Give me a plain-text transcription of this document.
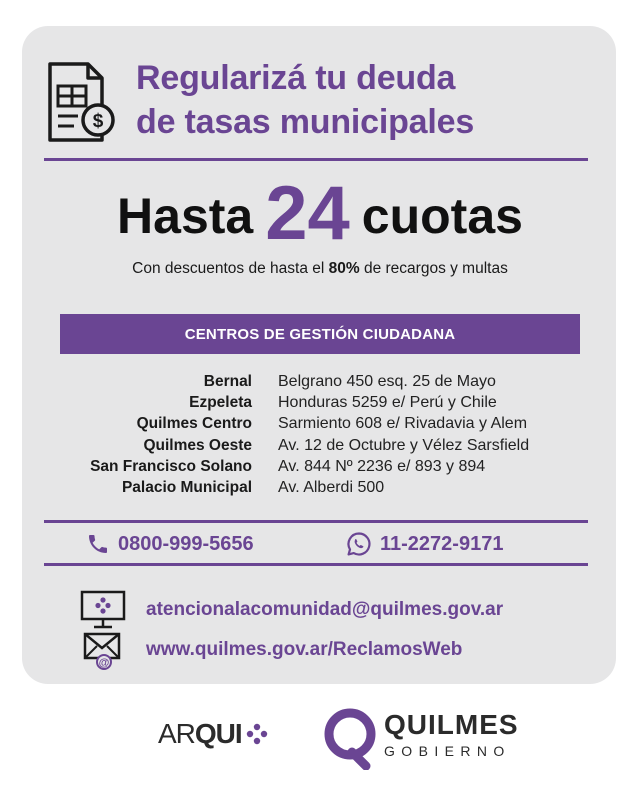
$
Regularizá tu deuda
de tasas municipales
Hasta 24 cuotas
Con descuentos de hasta el 80% de recargos y multas
CENTROS DE GESTIÓN CIUDADANA
Bernal Belgrano 450 esq. 25 de Mayo
Ezpeleta Honduras 5259 e/ Perú y Chile
Quilmes Centro Sarmiento 608 e/ Rivadavia y Alem
Quilmes Oeste Av. 12 de Octubre y Vélez Sarsfield
San Francisco Solano Av. 844 Nº 2236 e/ 893 y 894
Palacio Municipal Av. Alberdi 500
0800-999-5656	11-2272-9171
atencionalacomunidad@quilmes.gov.ar
@
www.quilmes.gov.ar/ReclamosWeb
ARQUI	QUILMES
GOBIERNO
